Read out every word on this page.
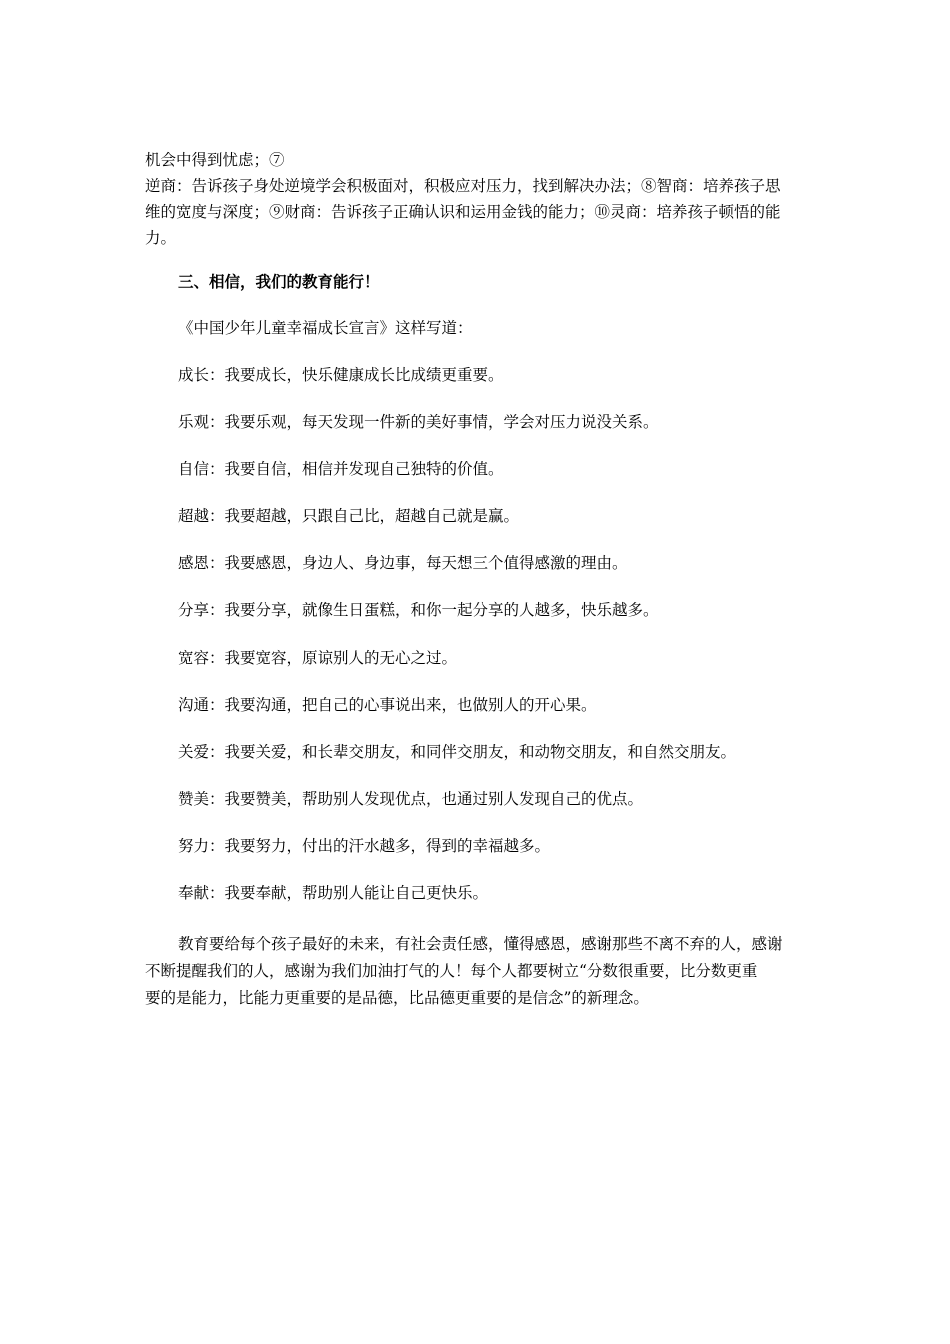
机会中得到忧虑；⑦
逆商：告诉孩子身处逆境学会积极面对，积极应对压力，找到解决办法；⑧智商：培养孩子思
维的宽度与深度；⑨财商：告诉孩子正确认识和运用金钱的能力；⑩灵商：培养孩子顿悟的能
力。
三、相信，我们的教育能行！
《中国少年儿童幸福成长宣言》这样写道：
成长：我要成长，快乐健康成长比成绩更重要。
乐观：我要乐观，每天发现一件新的美好事情，学会对压力说没关系。
自信：我要自信，相信并发现自己独特的价值。
超越：我要超越，只跟自己比，超越自己就是赢。
感恩：我要感恩，身边人、身边事，每天想三个值得感激的理由。
分享：我要分享，就像生日蛋糕，和你一起分享的人越多，快乐越多。
宽容：我要宽容，原谅别人的无心之过。
沟通：我要沟通，把自己的心事说出来，也做别人的开心果。
关爱：我要关爱，和长辈交朋友，和同伴交朋友，和动物交朋友，和自然交朋友。
赞美：我要赞美，帮助别人发现优点，也通过别人发现自己的优点。
努力：我要努力，付出的汗水越多，得到的幸福越多。
奉献：我要奉献，帮助别人能让自己更快乐。
教育要给每个孩子最好的未来，有社会责任感，懂得感恩，感谢那些不离不弃的人，感谢
不断提醒我们的人，感谢为我们加油打气的人！每个人都要树立“分数很重要，比分数更重
要的是能力，比能力更重要的是品德，比品德更重要的是信念”的新理念。
